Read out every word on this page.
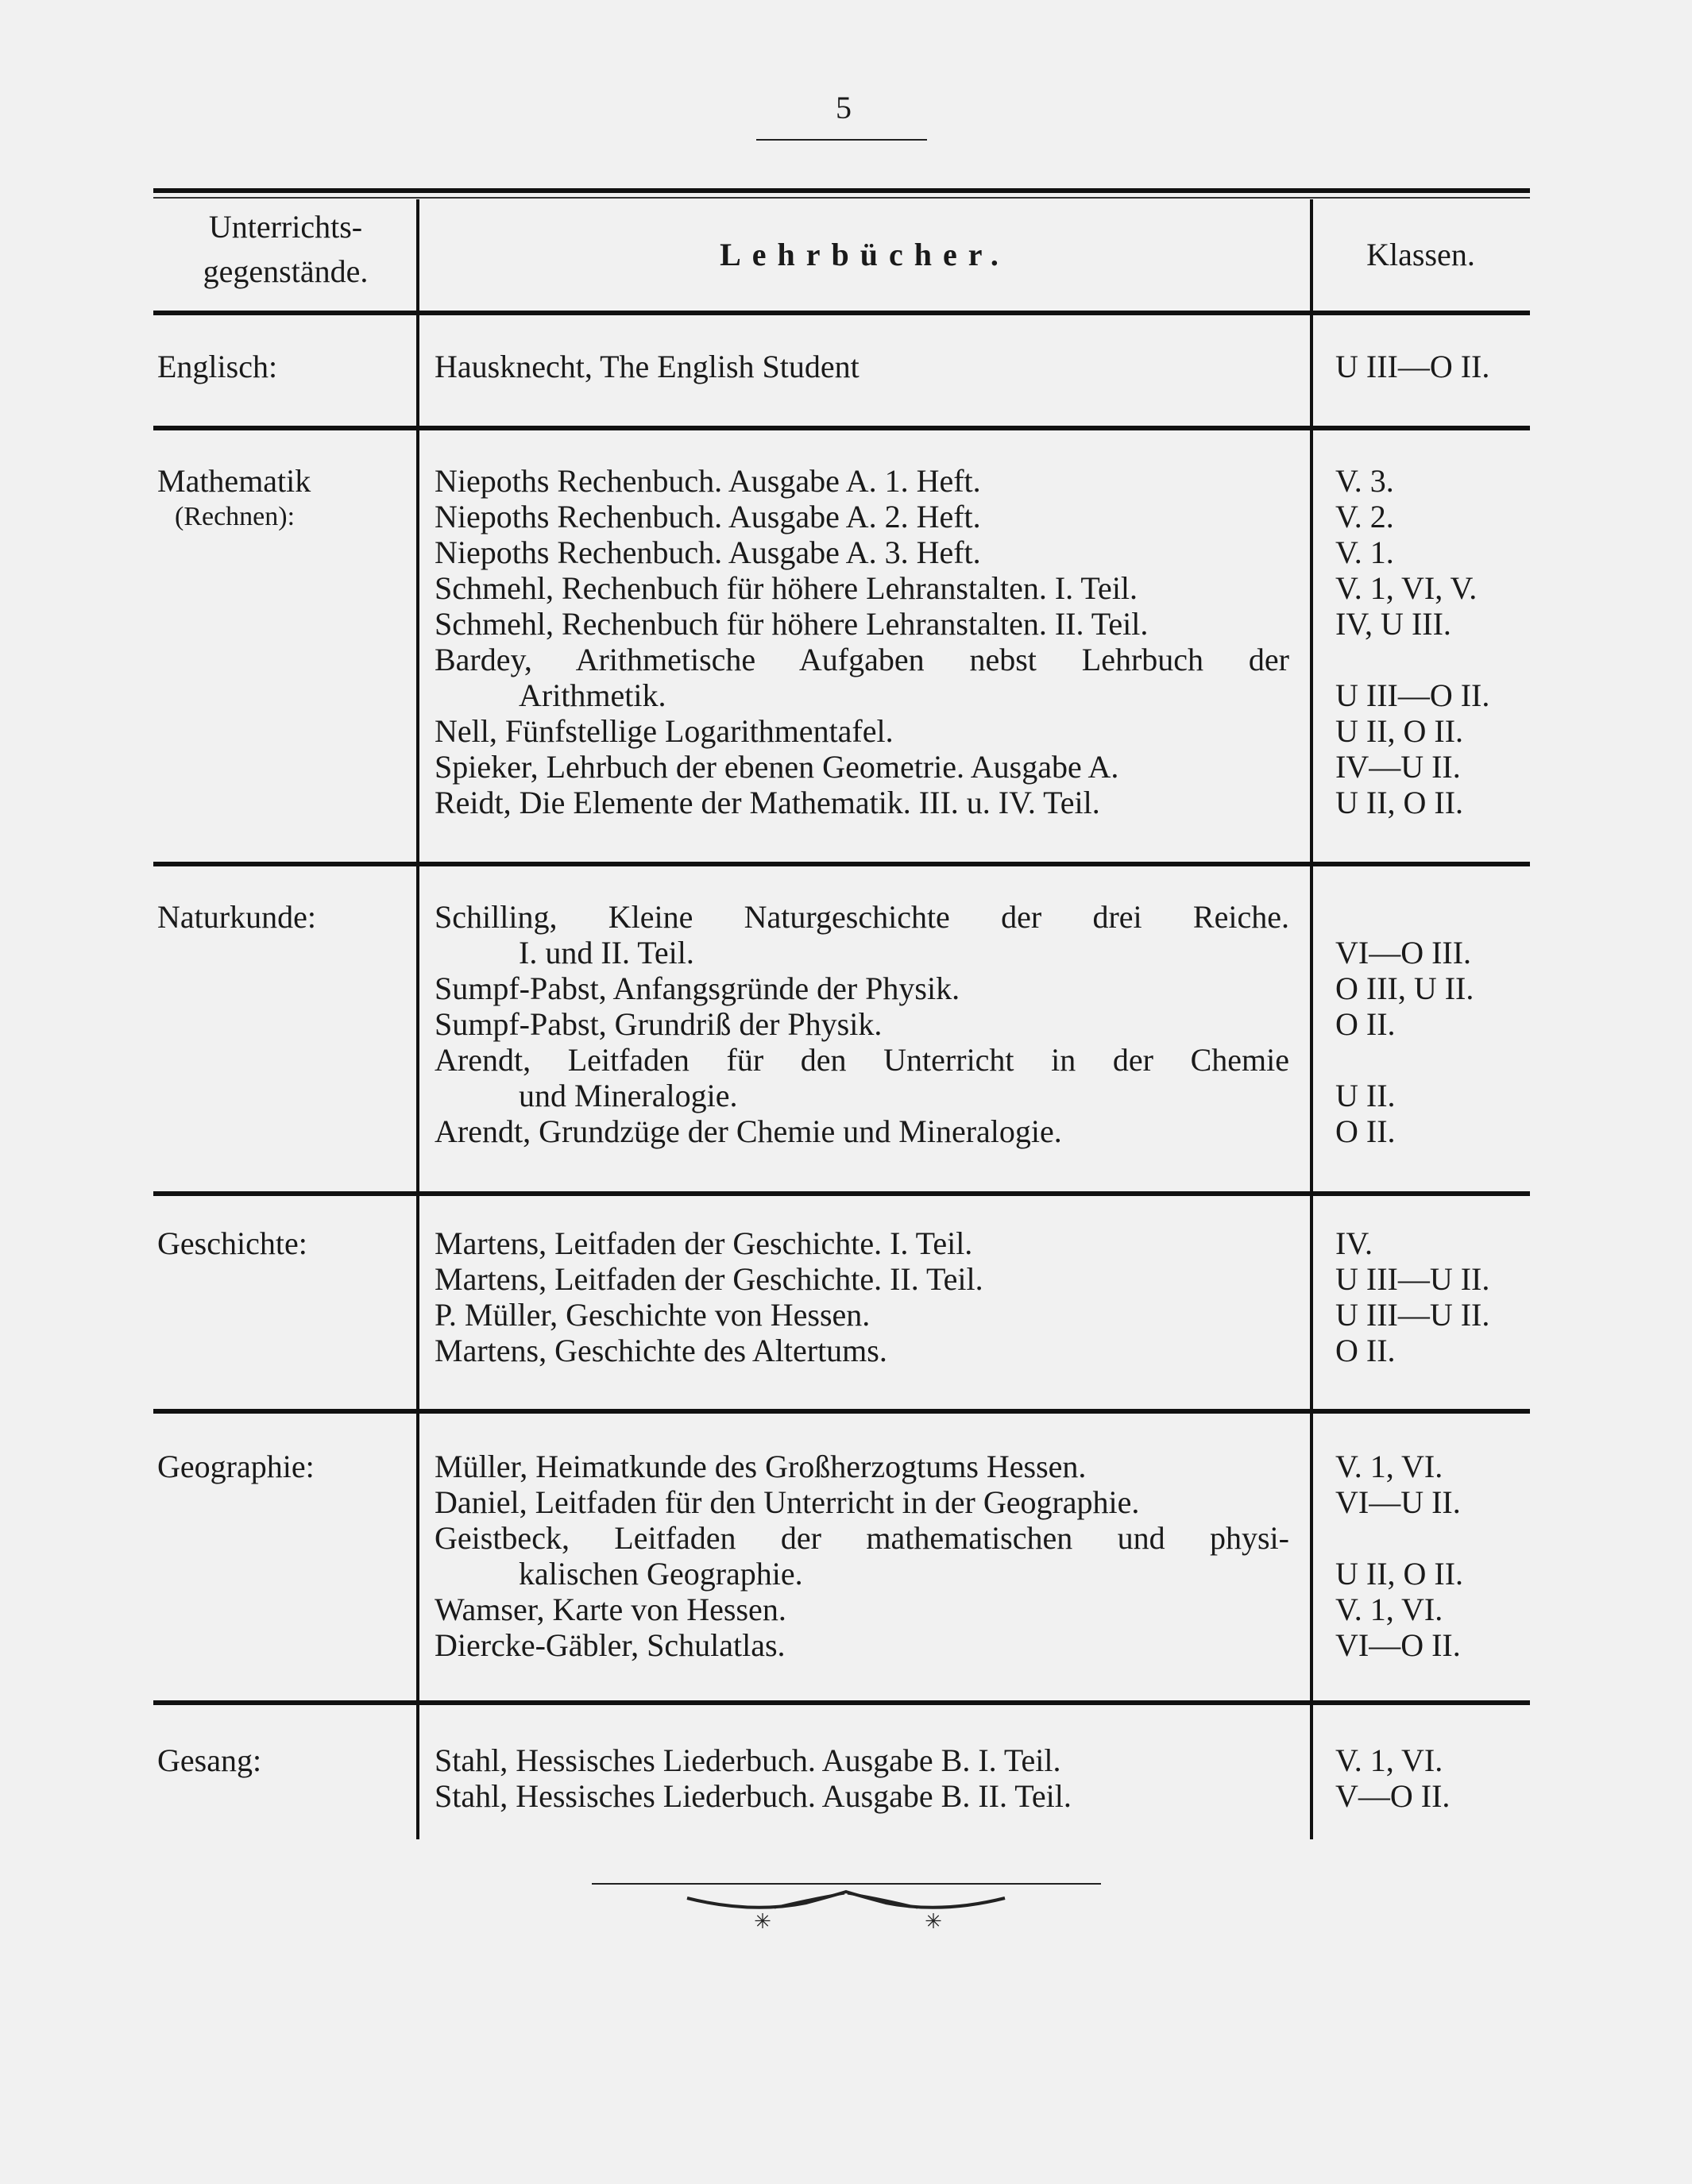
5
Unterrichts-
gegenstände.	Lehrbücher.	Klassen.
Englisch:	Hausknecht, The English Student	U III—O II.
Mathematik
(Rechnen):
Niepoths Rechenbuch. Ausgabe A. 1. Heft.	V. 3.
Niepoths Rechenbuch. Ausgabe A. 2. Heft.	V. 2.
Niepoths Rechenbuch. Ausgabe A. 3. Heft.	V. 1.
Schmehl, Rechenbuch für höhere Lehranstalten. I. Teil.	V. 1, VI, V.
Schmehl, Rechenbuch für höhere Lehranstalten. II. Teil.	IV, U III.
Bardey, Arithmetische Aufgaben nebst Lehrbuch der
Arithmetik.	U III—O II.
Nell, Fünfstellige Logarithmentafel.	U II, O II.
Spieker, Lehrbuch der ebenen Geometrie. Ausgabe A.	IV—U II.
Reidt, Die Elemente der Mathematik. III. u. IV. Teil.	U II, O II.
Naturkunde:	Schilling, Kleine Naturgeschichte der drei Reiche.
I. und II. Teil.	VI—O III.
Sumpf-Pabst, Anfangsgründe der Physik.	O III, U II.
Sumpf-Pabst, Grundriß der Physik.	O II.
Arendt, Leitfaden für den Unterricht in der Chemie
und Mineralogie.	U II.
Arendt, Grundzüge der Chemie und Mineralogie.	O II.
Geschichte:	Martens, Leitfaden der Geschichte. I. Teil.	IV.
Martens, Leitfaden der Geschichte. II. Teil.	U III—U II.
P. Müller, Geschichte von Hessen.	U III—U II.
Martens, Geschichte des Altertums.	O II.
Geographie:	Müller, Heimatkunde des Großherzogtums Hessen.	V. 1, VI.
Daniel, Leitfaden für den Unterricht in der Geographie.	VI—U II.
Geistbeck, Leitfaden der mathematischen und physi-
kalischen Geographie.	U II, O II.
Wamser, Karte von Hessen.	V. 1, VI.
Diercke-Gäbler, Schulatlas.	VI—O II.
Gesang:	Stahl, Hessisches Liederbuch. Ausgabe B. I. Teil.	V. 1, VI.
Stahl, Hessisches Liederbuch. Ausgabe B. II. Teil.	V—O II.
✳	✳
